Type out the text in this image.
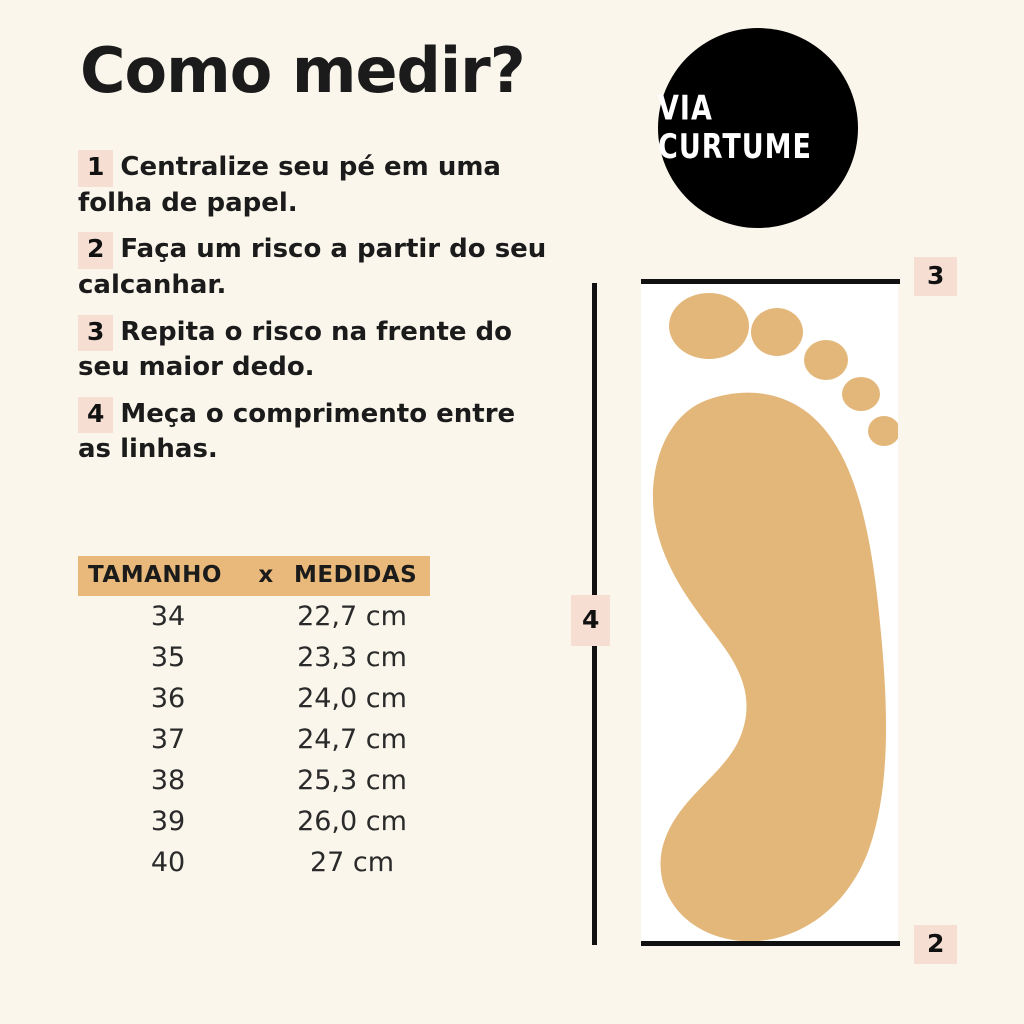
Como medir?
VIA CURTUME
1 Centralize seu pé em uma folha de papel.
2 Faça um risco a partir do seu calcanhar.
3 Repita o risco na frente do seu maior dedo.
4 Meça o comprimento entre as linhas.
TAMANHO	x MEDIDAS
34	22,7 cm
35	23,3 cm
36	24,0 cm
37	24,7 cm
38	25,3 cm
39	26,0 cm
40	27 cm
3
2
4
